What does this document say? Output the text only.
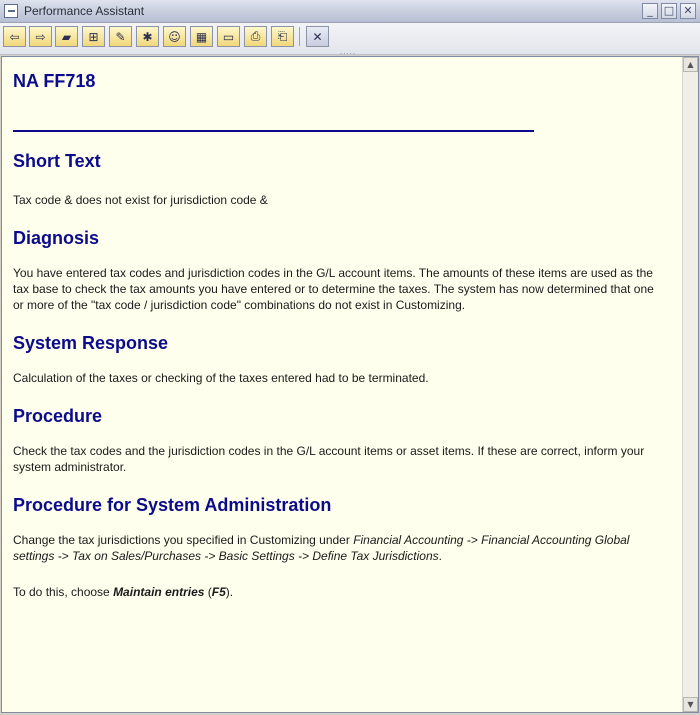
Performance Assistant	_	□ ✕
⇦	⇨	▰	⊞	✎	✱	☺	▦	▭	⎙	⎗	✕
.....
NA FF718
Short Text

Tax code & does not exist for jurisdiction code &

Diagnosis

You have entered tax codes and jurisdiction codes in the G/L account items. The amounts of these items are used as the tax base to check the tax amounts you have entered or to determine the taxes. The system has now determined that one or more of the "tax code / jurisdiction code" combinations do not exist in Customizing.

System Response

Calculation of the taxes or checking of the taxes entered had to be terminated.

Procedure

Check the tax codes and the jurisdiction codes in the G/L account items or asset items. If these are correct, inform your system administrator.

Procedure for System Administration

Change the tax jurisdictions you specified in Customizing under Financial Accounting -> Financial Accounting Global settings -> Tax on Sales/Purchases -> Basic Settings -> Define Tax Jurisdictions.

To do this, choose Maintain entries (F5).

▲
▼
